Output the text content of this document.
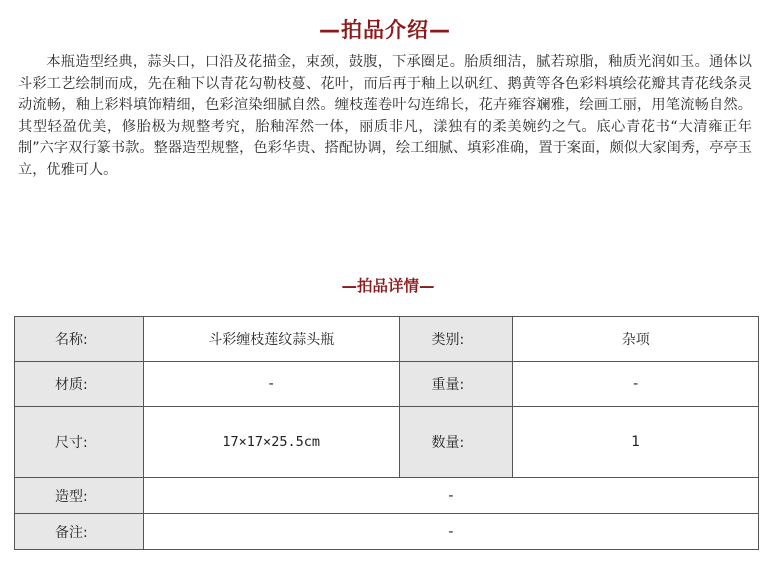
—拍品介绍—

本瓶造型经典，蒜头口，口沿及花描金，束颈，鼓腹，下承圈足。胎质细洁，腻若琼脂，釉质光润如玉。通体以斗彩工艺绘制而成，先在釉下以青花勾勒枝蔓、花叶，而后再于釉上以矾红、鹅黄等各色彩料填绘花瓣其青花线条灵动流畅，釉上彩料填饰精细，色彩渲染细腻自然。缠枝莲卷叶勾连绵长，花卉雍容斓雅，绘画工丽，用笔流畅自然。其型轻盈优美，修胎极为规整考究，胎釉浑然一体，丽质非凡，漾独有的柔美婉约之气。底心青花书“大清雍正年制”六字双行篆书款。整器造型规整，色彩华贵、搭配协调，绘工细腻、填彩准确，置于案面，颇似大家闺秀，亭亭玉立，优雅可人。

—拍品详情—
名称:	斗彩缠枝莲纹蒜头瓶	类别:	杂项
材质:	-	重量:	-
尺寸:	17×17×25.5cm	数量:	1
造型:	-		
备注:	-		
